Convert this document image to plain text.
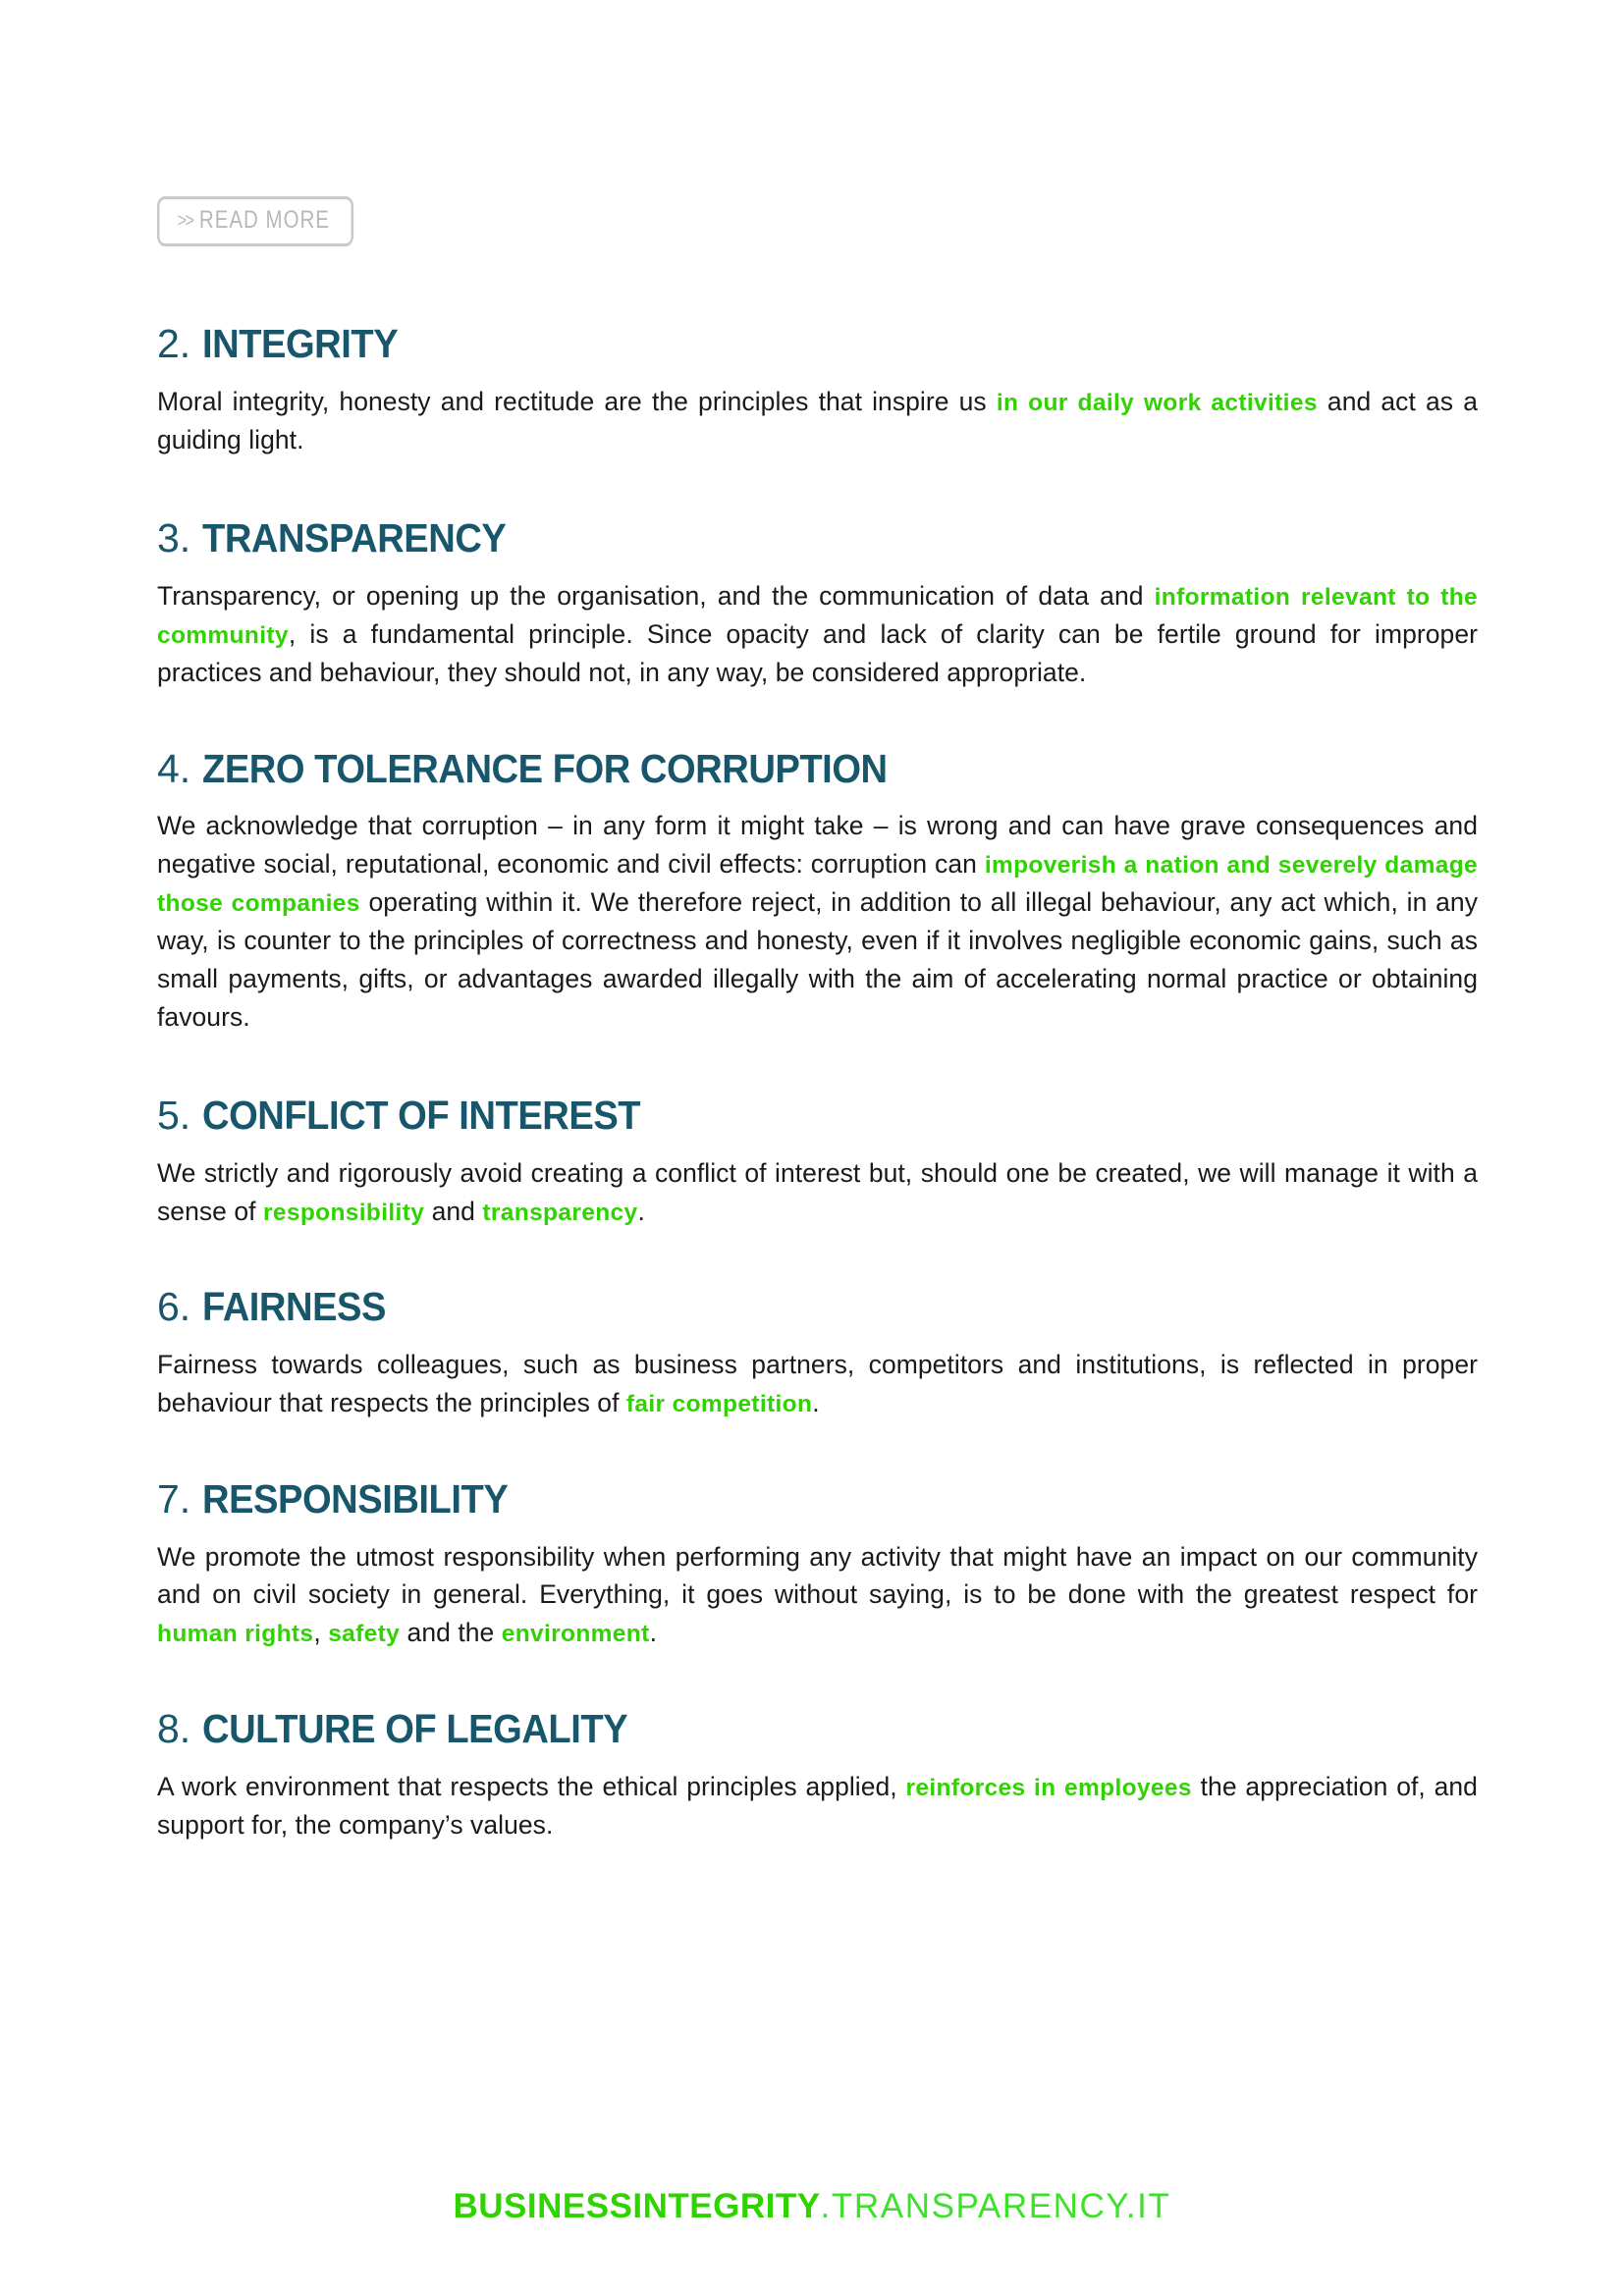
>> READ MORE
2. INTEGRITY

Moral integrity, honesty and rectitude are the principles that inspire us in our daily work activities and act as a guiding light.

3. TRANSPARENCY

Transparency, or opening up the organisation, and the communication of data and information relevant to the community, is a fundamental principle. Since opacity and lack of clarity can be fertile ground for improper practices and behaviour, they should not, in any way, be considered appropriate.

4. ZERO TOLERANCE FOR CORRUPTION

We acknowledge that corruption – in any form it might take – is wrong and can have grave consequences and negative social, reputational, economic and civil effects: corruption can impoverish a nation and severely damage those companies operating within it. We therefore reject, in addition to all illegal behaviour, any act which, in any way, is counter to the principles of correctness and honesty, even if it involves negligible economic gains, such as small payments, gifts, or advantages awarded illegally with the aim of accelerating normal practice or obtaining favours.

5. CONFLICT OF INTEREST

We strictly and rigorously avoid creating a conflict of interest but, should one be created, we will manage it with a sense of responsibility and transparency.

6. FAIRNESS

Fairness towards colleagues, such as business partners, competitors and institutions, is reflected in proper behaviour that respects the principles of fair competition.

7. RESPONSIBILITY

We promote the utmost responsibility when performing any activity that might have an impact on our community and on civil society in general. Everything, it goes without saying, is to be done with the greatest respect for human rights, safety and the environment.

8. CULTURE OF LEGALITY

A work environment that respects the ethical principles applied, reinforces in employees the appreciation of, and support for, the company’s values.

BUSINESSINTEGRITY.TRANSPARENCY.IT
